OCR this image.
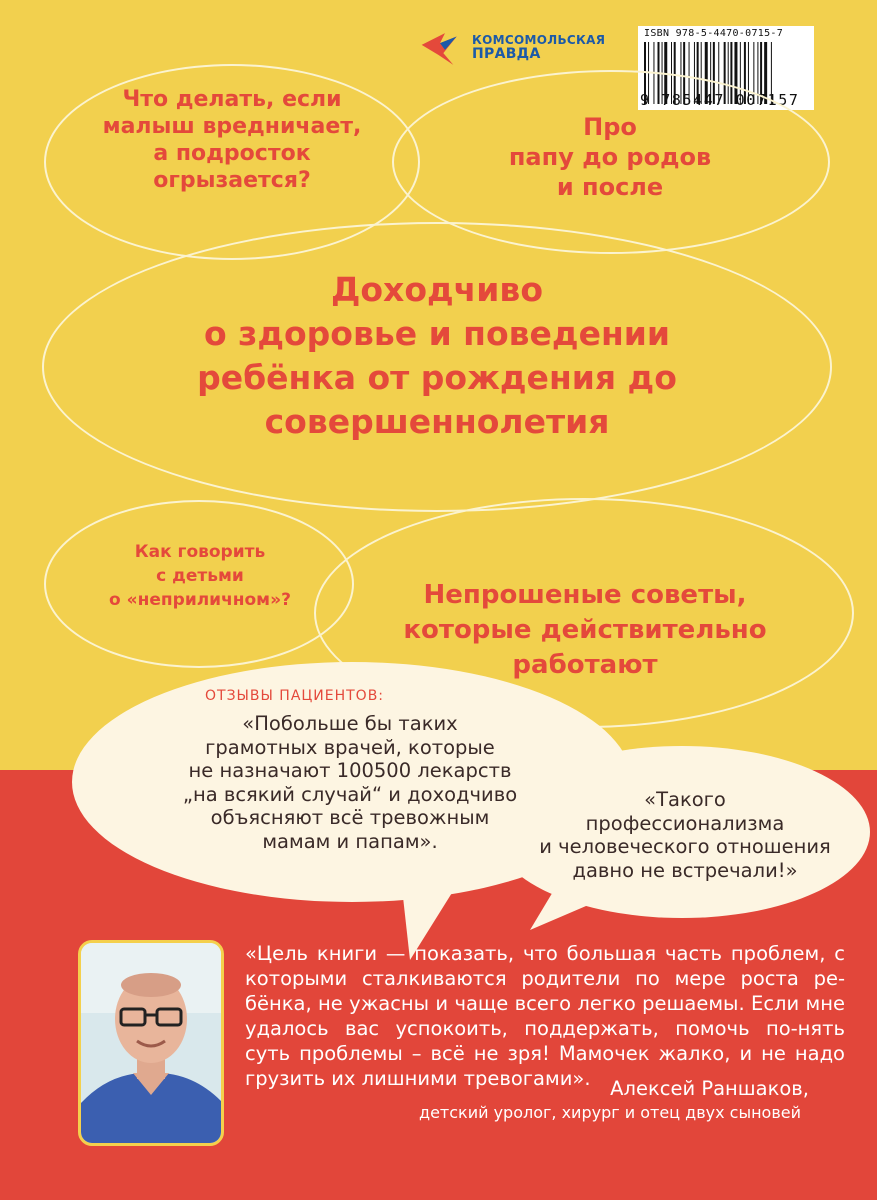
КОМСОМОЛЬСКАЯ
ПРАВДА
ISBN 978-5-4470-0715-7
9 785447 007157
Что делать, если
малыш вредничает,
а подросток
огрызается?
Про
папу до родов
и после
Доходчиво
о здоровье и поведении
ребёнка от рождения до
совершеннолетия
Как говорить
с детьми
о «неприличном»?	Непрошеные советы,
которые действительно
работают
ОТЗЫВЫ ПАЦИЕНТОВ:
«Побольше бы таких
грамотных врачей, которые
не назначают 100500 лекарств
„на всякий случай“ и доходчиво
объясняют всё тревожным
мамам и папам».
«Такого
профессионализма
и человеческого отношения
давно не встречали!»
«Цель книги — показать, что большая часть проблем, с которыми сталкиваются родители по мере роста ре-бёнка, не ужасны и чаще всего легко решаемы. Если мне удалось вас успокоить, поддержать, помочь по-нять суть проблемы – всё не зря! Мамочек жалко, и не надо грузить их лишними тревогами».	Алексей Раншаков,
детский уролог, хирург и отец двух сыновей
